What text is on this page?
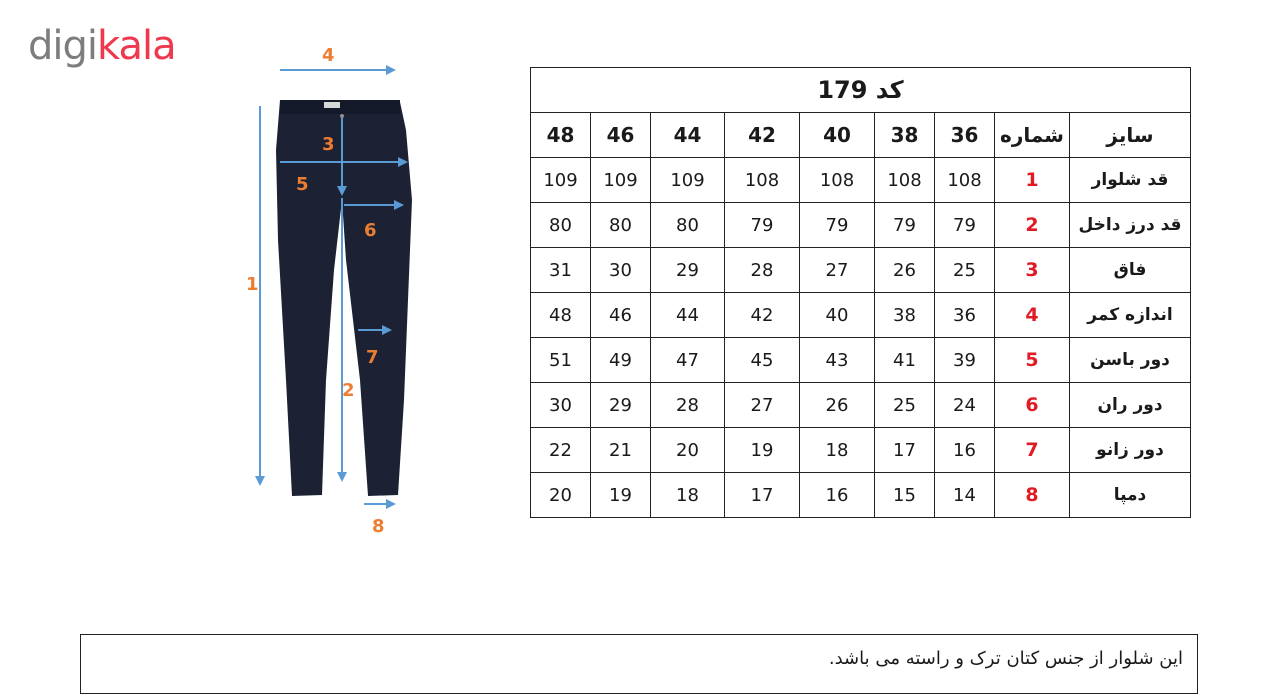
digikala
1
2
3
4
5
6
7
8
کد 179								
سایز	شماره	36	38	40	42	44	46	48
قد شلوار	1	108	108	108	108	109	109	109
قد درز داخل	2	79	79	79	79	80	80	80
فاق	3	25	26	27	28	29	30	31
اندازه کمر	4	36	38	40	42	44	46	48
دور باسن	5	39	41	43	45	47	49	51
دور ران	6	24	25	26	27	28	29	30
دور زانو	7	16	17	18	19	20	21	22
دمپا	8	14	15	16	17	18	19	20
این شلوار از جنس کتان ترک و راسته می باشد.
